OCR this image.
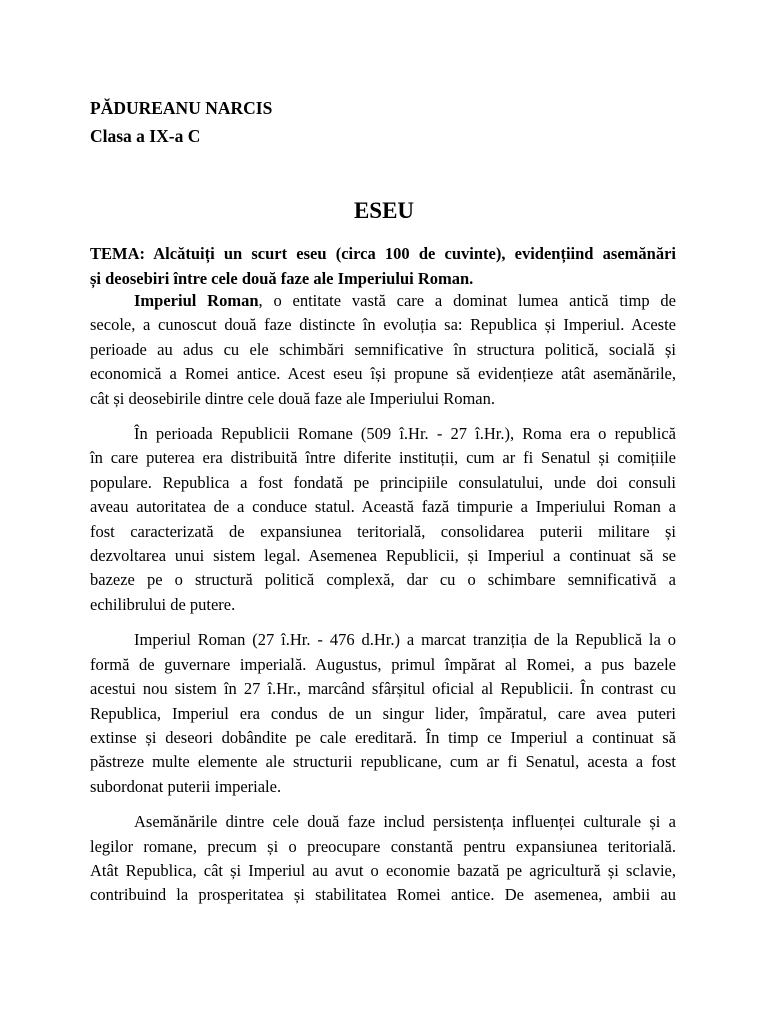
PĂDUREANU NARCIS
Clasa a IX-a C
ESEU
TEMA: Alcătuiți un scurt eseu (circa 100 de cuvinte), evidențiind asemănări
și deosebiri între cele două faze ale Imperiului Roman.
Imperiul Roman, o entitate vastă care a dominat lumea antică timp de
secole, a cunoscut două faze distincte în evoluția sa: Republica și Imperiul. Aceste
perioade au adus cu ele schimbări semnificative în structura politică, socială și
economică a Romei antice. Acest eseu își propune să evidențieze atât asemănările,
cât și deosebirile dintre cele două faze ale Imperiului Roman.
În perioada Republicii Romane (509 î.Hr. - 27 î.Hr.), Roma era o republică
în care puterea era distribuită între diferite instituții, cum ar fi Senatul și comițiile
populare. Republica a fost fondată pe principiile consulatului, unde doi consuli
aveau autoritatea de a conduce statul. Această fază timpurie a Imperiului Roman a
fost caracterizată de expansiunea teritorială, consolidarea puterii militare și
dezvoltarea unui sistem legal. Asemenea Republicii, și Imperiul a continuat să se
bazeze pe o structură politică complexă, dar cu o schimbare semnificativă a
echilibrului de putere.
Imperiul Roman (27 î.Hr. - 476 d.Hr.) a marcat tranziția de la Republică la o
formă de guvernare imperială. Augustus, primul împărat al Romei, a pus bazele
acestui nou sistem în 27 î.Hr., marcând sfârșitul oficial al Republicii. În contrast cu
Republica, Imperiul era condus de un singur lider, împăratul, care avea puteri
extinse și deseori dobândite pe cale ereditară. În timp ce Imperiul a continuat să
păstreze multe elemente ale structurii republicane, cum ar fi Senatul, acesta a fost
subordonat puterii imperiale.
Asemănările dintre cele două faze includ persistența influenței culturale și a
legilor romane, precum și o preocupare constantă pentru expansiunea teritorială.
Atât Republica, cât și Imperiul au avut o economie bazată pe agricultură și sclavie,
contribuind la prosperitatea și stabilitatea Romei antice. De asemenea, ambii au
